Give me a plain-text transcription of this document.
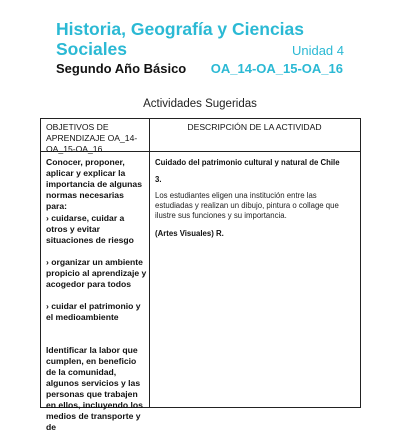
Historia, Geografía y Ciencias Sociales	Unidad 4
Segundo Año Básico OA_14-OA_15-OA_16
Actividades Sugeridas
OBJETIVOS DE APRENDIZAJE OA_14-OA_15-OA_16
DESCRIPCIÓN DE LA ACTIVIDAD
Conocer, proponer, aplicar y explicar la importancia de algunas normas necesarias para:
› cuidarse, cuidar a otros y evitar situaciones de riesgo
› organizar un ambiente propicio al aprendizaje y acogedor para todos
› cuidar el patrimonio y el medioambiente
Identificar la labor que cumplen, en beneficio de la comunidad, algunos servicios y las personas que trabajen en ellos, incluyendo los medios de transporte y de
Cuidado del patrimonio cultural y natural de Chile
3.
Los estudiantes eligen una institución entre las estudiadas y realizan un dibujo, pintura o collage que ilustre sus funciones y su importancia.
(Artes Visuales) R.
